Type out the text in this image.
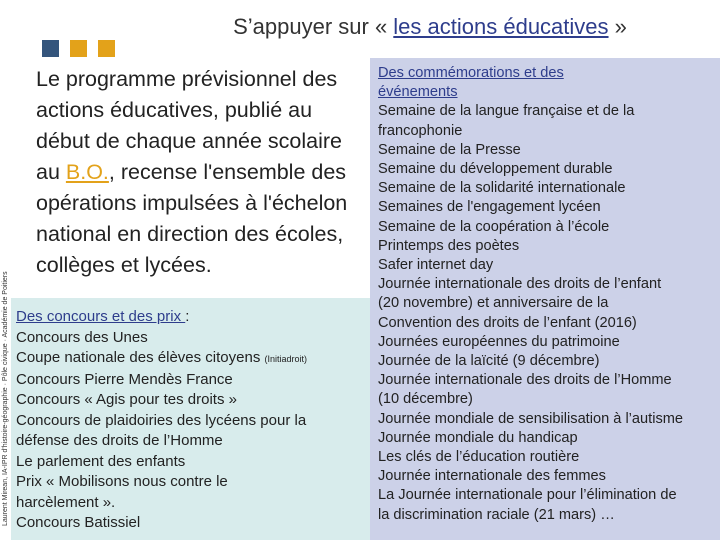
S’appuyer sur « les actions éducatives »
Laurent Mirean, IA-IPR d'histoire-géographie · Pôle civique · Académie de Poitiers

Le programme prévisionnel des actions éducatives, publié au début de chaque année scolaire au B.O., recense l'ensemble des opérations impulsées à l'échelon national en direction des écoles, collèges et lycées.

Des concours et des prix :
Concours des Unes
Coupe nationale des élèves citoyens (Initiadroit)
Concours Pierre Mendès France
Concours « Agis pour tes droits »
Concours de plaidoiries des lycéens pour la
défense des droits de l’Homme
Le parlement des enfants
Prix « Mobilisons nous contre le
harcèlement ».
Concours Batissiel
Des commémorations et des
événements
Semaine de la langue française et de la
francophonie
Semaine de la Presse
Semaine du développement durable
Semaine de la solidarité internationale
Semaines de l'engagement lycéen
Semaine de la coopération à l’école
Printemps des poètes
Safer internet day
Journée internationale des droits de l’enfant
(20 novembre) et anniversaire de la
Convention des droits de l’enfant (2016)
Journées européennes du patrimoine
Journée de la laïcité (9 décembre)
Journée internationale des droits de l’Homme
(10 décembre)
Journée mondiale de sensibilisation à l’autisme
Journée mondiale du handicap
Les clés de l’éducation routière
Journée internationale des femmes
La Journée internationale pour l’élimination de
la discrimination raciale (21 mars) …
